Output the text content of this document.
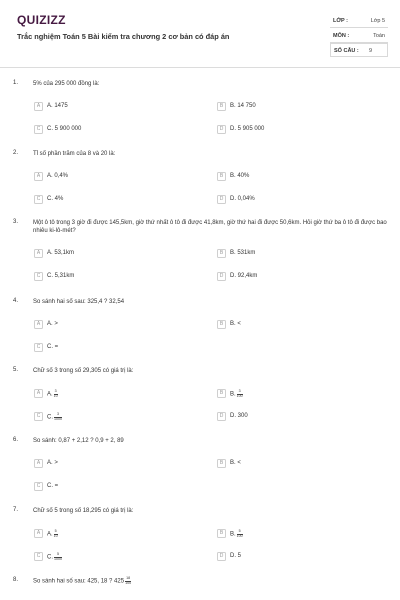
QUIZIZZ
Trắc nghiệm Toán 5 Bài kiểm tra chương 2 cơ bản có đáp án
LỚP :	Lớp 5
MÔN :	Toán
SỐ CÂU : 9
1. 5% của 295 000 đồng là:
A	A. 1475	B	B. 14 750
C	C. 5 900 000	D	D. 5 905 000
2. Tỉ số phần trăm của 8 và 20 là:
A	A. 0,4%	B	B. 40%
C	C. 4%	D	D. 0,04%
3. Một ô tô trong 3 giờ đi được 145,5km, giờ thứ nhất ô tô đi được 41,8km, giờ thứ hai đi được 50,6km. Hỏi giờ thứ ba ô tô đi được bao nhiêu ki-lô-mét?
A	A. 53,1km	B	B. 531km
C	C. 5,31km	D	D. 92,4km
4. So sánh hai số sau: 325,4 ? 32,54
A	A. >	B	B. <
C	C. =
5. Chữ số 3 trong số 29,305 có giá trị là:
A	A. $\frac{3}{10}$	B	B. $\frac{3}{100}$
C	C. $\frac{3}{1000}$	D	D. 300
6. So sánh: 0,87 + 2,12 ? 0,9 + 2, 89
A	A. >	B	B. <
C	C. =
7. Chữ số 5 trong số 18,295 có giá trị là:
A	A. $\frac{5}{10}$	B	B. $\frac{5}{100}$
C	C. $\frac{5}{1000}$	D	D. 5
8. So sánh hai số sau: 425, 18 ? $425 \frac{18}{100}$
